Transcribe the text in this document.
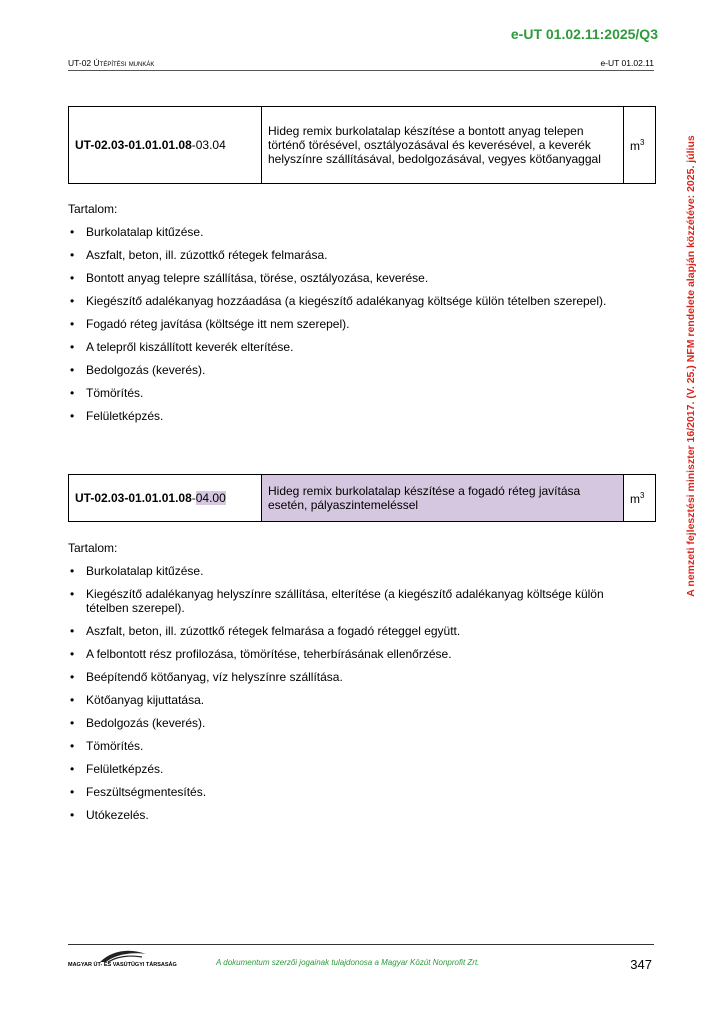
e-UT 01.02.11:2025/Q3
UT-02 Útépítési munkák	e-UT 01.02.11
UT-02.03-01.01.01.08-03.04	Hideg remix burkolatalap készítése a bontott anyag telepen történő törésével, osztályozásával és keverésével, a keverék helyszínre szállításával, bedolgozásával, vegyes kötőanyaggal	$m^3$
Tartalom:
• Burkolatalap kitűzése.
• Aszfalt, beton, ill. zúzottkő rétegek felmarása.
• Bontott anyag telepre szállítása, törése, osztályozása, keverése.
• Kiegészítő adalékanyag hozzáadása (a kiegészítő adalékanyag költsége külön tételben szerepel).
• Fogadó réteg javítása (költsége itt nem szerepel).
• A telepről kiszállított keverék elterítése.
• Bedolgozás (keverés).
• Tömörítés.
• Felületképzés.
UT-02.03-01.01.01.08-04.00	Hideg remix burkolatalap készítése a fogadó réteg javítása esetén, pályaszintemeléssel	$m^3$
Tartalom:
• Burkolatalap kitűzése.
• Kiegészítő adalékanyag helyszínre szállítása, elterítése (a kiegészítő adalékanyag költsége külön tételben szerepel).
• Aszfalt, beton, ill. zúzottkő rétegek felmarása a fogadó réteggel együtt.
• A felbontott rész profilozása, tömörítése, teherbírásának ellenőrzése.
• Beépítendő kötőanyag, víz helyszínre szállítása.
• Kötőanyag kijuttatása.
• Bedolgozás (keverés).
• Tömörítés.
• Felületképzés.
• Feszültségmentesítés.
• Utókezelés.
A nemzeti fejlesztési miniszter 16/2017. (V. 25.) NFM rendelete alapján közzétéve: 2025. július
MAGYAR ÚT- ÉS VASÚTÜGYI TÁRSASÁG	A dokumentum szerzői jogainak tulajdonosa a Magyar Közút Nonprofit Zrt.	347
